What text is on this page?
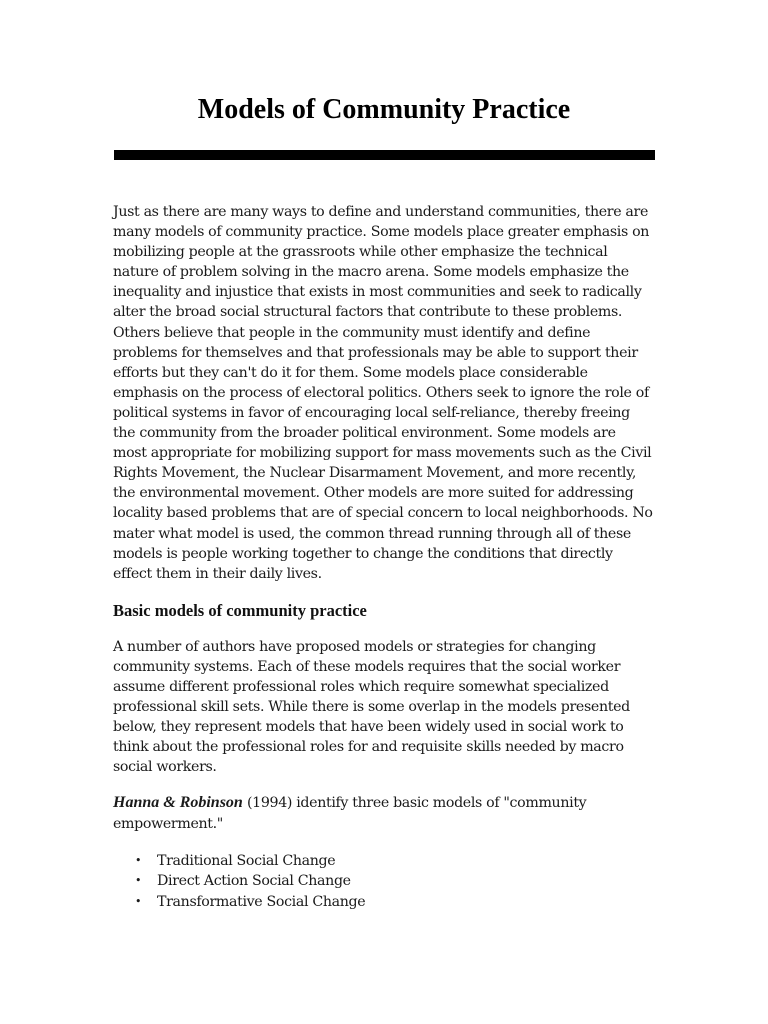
Models of Community Practice

Just as there are many ways to define and understand communities, there are many models of community practice. Some models place greater emphasis on mobilizing people at the grassroots while other emphasize the technical nature of problem solving in the macro arena. Some models emphasize the inequality and injustice that exists in most communities and seek to radically alter the broad social structural factors that contribute to these problems. Others believe that people in the community must identify and define problems for themselves and that professionals may be able to support their efforts but they can't do it for them. Some models place considerable emphasis on the process of electoral politics. Others seek to ignore the role of political systems in favor of encouraging local self-reliance, thereby freeing the community from the broader political environment. Some models are most appropriate for mobilizing support for mass movements such as the Civil Rights Movement, the Nuclear Disarmament Movement, and more recently, the environmental movement. Other models are more suited for addressing locality based problems that are of special concern to local neighborhoods. No mater what model is used, the common thread running through all of these models is people working together to change the conditions that directly effect them in their daily lives.

Basic models of community practice

A number of authors have proposed models or strategies for changing community systems. Each of these models requires that the social worker assume different professional roles which require somewhat specialized professional skill sets. While there is some overlap in the models presented below, they represent models that have been widely used in social work to think about the professional roles for and requisite skills needed by macro social workers.

Hanna & Robinson (1994) identify three basic models of "community empowerment."

• Traditional Social Change
• Direct Action Social Change
• Transformative Social Change
